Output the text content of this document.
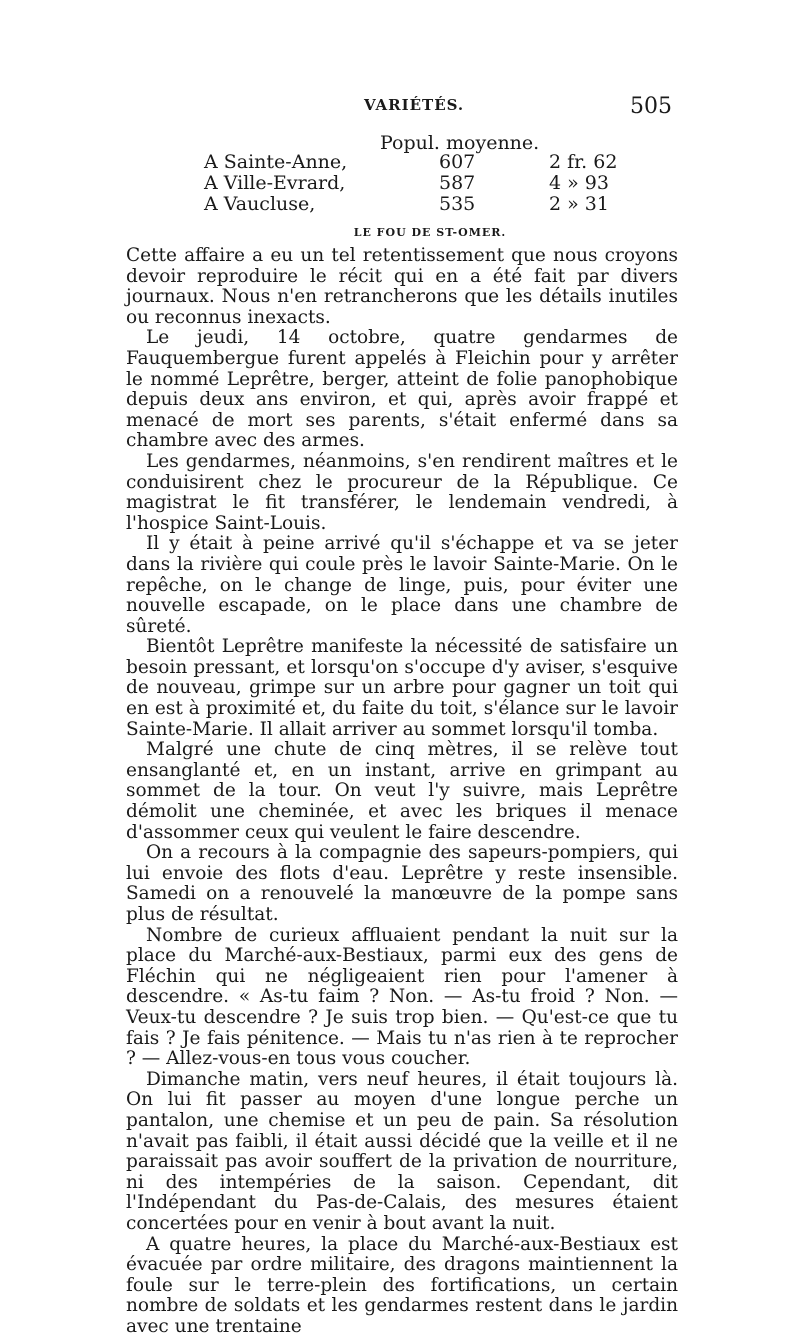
VARIÉTÉS.	505
Popul. moyenne.
A Sainte-Anne,	607	2 fr. 62
A Ville-Evrard,	587	4 » 93
A Vaucluse,	535	2 » 31
LE FOU DE ST-OMER.

Cette affaire a eu un tel retentissement que nous croyons devoir reproduire le récit qui en a été fait par divers journaux. Nous n'en retrancherons que les détails inutiles ou reconnus inexacts.

Le jeudi, 14 octobre, quatre gendarmes de Fauquembergue furent appelés à Fleichin pour y arrêter le nommé Leprêtre, berger, atteint de folie panophobique depuis deux ans environ, et qui, après avoir frappé et menacé de mort ses parents, s'était enfermé dans sa chambre avec des armes.

Les gendarmes, néanmoins, s'en rendirent maîtres et le conduisirent chez le procureur de la République. Ce magistrat le fit transférer, le lendemain vendredi, à l'hospice Saint-Louis.

Il y était à peine arrivé qu'il s'échappe et va se jeter dans la rivière qui coule près le lavoir Sainte-Marie. On le repêche, on le change de linge, puis, pour éviter une nouvelle escapade, on le place dans une chambre de sûreté.

Bientôt Leprêtre manifeste la nécessité de satisfaire un besoin pressant, et lorsqu'on s'occupe d'y aviser, s'esquive de nouveau, grimpe sur un arbre pour gagner un toit qui en est à proximité et, du faite du toit, s'élance sur le lavoir Sainte-Marie. Il allait arriver au sommet lorsqu'il tomba.

Malgré une chute de cinq mètres, il se relève tout ensanglanté et, en un instant, arrive en grimpant au sommet de la tour. On veut l'y suivre, mais Leprêtre démolit une cheminée, et avec les briques il menace d'assommer ceux qui veulent le faire descendre.

On a recours à la compagnie des sapeurs-pompiers, qui lui envoie des flots d'eau. Leprêtre y reste insensible. Samedi on a renouvelé la manœuvre de la pompe sans plus de résultat.

Nombre de curieux affluaient pendant la nuit sur la place du Marché-aux-Bestiaux, parmi eux des gens de Fléchin qui ne négligeaient rien pour l'amener à descendre. « As-tu faim ? Non. — As-tu froid ? Non. — Veux-tu descendre ? Je suis trop bien. — Qu'est-ce que tu fais ? Je fais pénitence. — Mais tu n'as rien à te reprocher ? — Allez-vous-en tous vous coucher.

Dimanche matin, vers neuf heures, il était toujours là. On lui fit passer au moyen d'une longue perche un pantalon, une chemise et un peu de pain. Sa résolution n'avait pas faibli, il était aussi décidé que la veille et il ne paraissait pas avoir souffert de la privation de nourriture, ni des intempéries de la saison. Cependant, dit l'Indépendant du Pas-de-Calais, des mesures étaient concertées pour en venir à bout avant la nuit.

A quatre heures, la place du Marché-aux-Bestiaux est évacuée par ordre militaire, des dragons maintiennent la foule sur le terre-plein des fortifications, un certain nombre de soldats et les gendarmes restent dans le jardin avec une trentaine
